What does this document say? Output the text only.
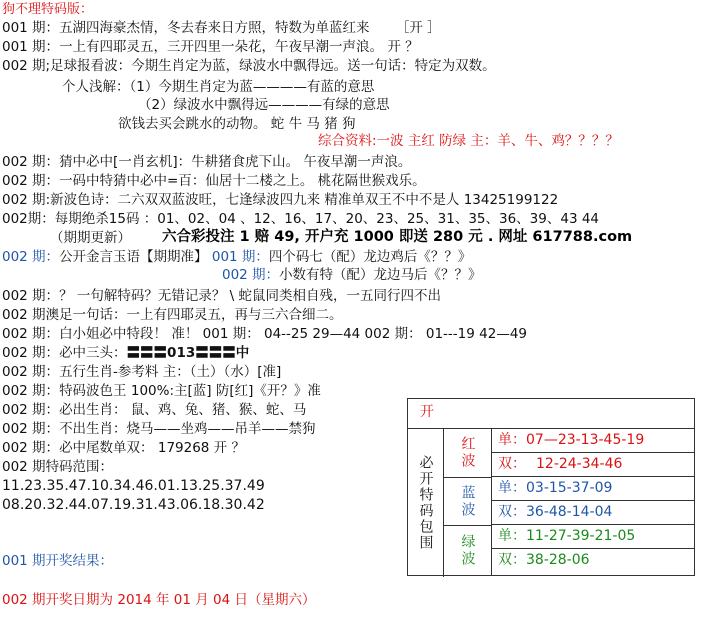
狗不理特码版：
001 期：五湖四海豪杰情，冬去春来日方照，特数为单蓝红来 ［开 ］
001 期：一上有四耶灵五，三开四里一朵花，午夜早潮一声浪。 开 ？
002 期;足球报看波：今期生肖定为蓝，绿波水中飘得远。送一句话：特定为双数。
个人浅解：（1）今期生肖定为蓝————有蓝的意思
（2）绿波水中飘得远————有绿的意思
欲钱去买会跳水的动物。 蛇 牛 马 猪 狗
综合资料:一波 主红 防绿 主：羊、牛、鸡？？？？
002 期：猜中必中[一肖玄机]：牛耕猪食虎下山。 午夜早潮一声浪。
002 期：一码中特猜中必中=百：仙居十二楼之上。 桃花隔世猴戏乐。
002 期:新波色诗：二六双双蓝波旺，七逢绿波四九来 精准单双王不中不是人 13425199122
002期：每期绝杀15码 ：01、02、04 、12、16、17、20、23、25、31、35、36、39、43 44
（期期更新） 六合彩投注 1 赔 49, 开户充 1000 即送 280 元 . 网址 617788.com
002 期：公开金言玉语【期期准】 001 期：四个码七（配）龙边鸡后《？？》
002 期：小数有特（配）龙边马后《？？》
002 期：？ 一句解特码？无错记录？ \ 蛇鼠同类相自残，一五同行四不出
002 期澳足一句话：一上有四耶灵五，再与三六合细二。
002 期：白小姐必中特段！ 准！ 001 期： 04--25 29—44 002 期： 01---19 42—49
002 期：必中三头：〓〓〓013〓〓〓中
002 期：五行生肖-参考料 主：（土）（水）[准]
002 期：特码波色王 100%:主[蓝] 防[红]《开？》准
002 期：必出生肖： 鼠、鸡、兔、猪、猴、蛇、马
002 期：不出生肖：烧马——坐鸡——吊羊——禁狗
002 期：必中尾数单双： 179268 开 ？
002 期特码范围：
11.23.35.47.10.34.46.01.13.25.37.49
08.20.32.44.07.19.31.43.06.18.30.42
001 期开奖结果：
002 期开奖日期为 2014 年 01 月 04 日（星期六）
开
必开特码包围
红波
蓝波
绿波
单：07—23-13-45-19
双： 12-24-34-46
单：03-15-37-09
双：36-48-14-04
单：11-27-39-21-05
双：38-28-06
